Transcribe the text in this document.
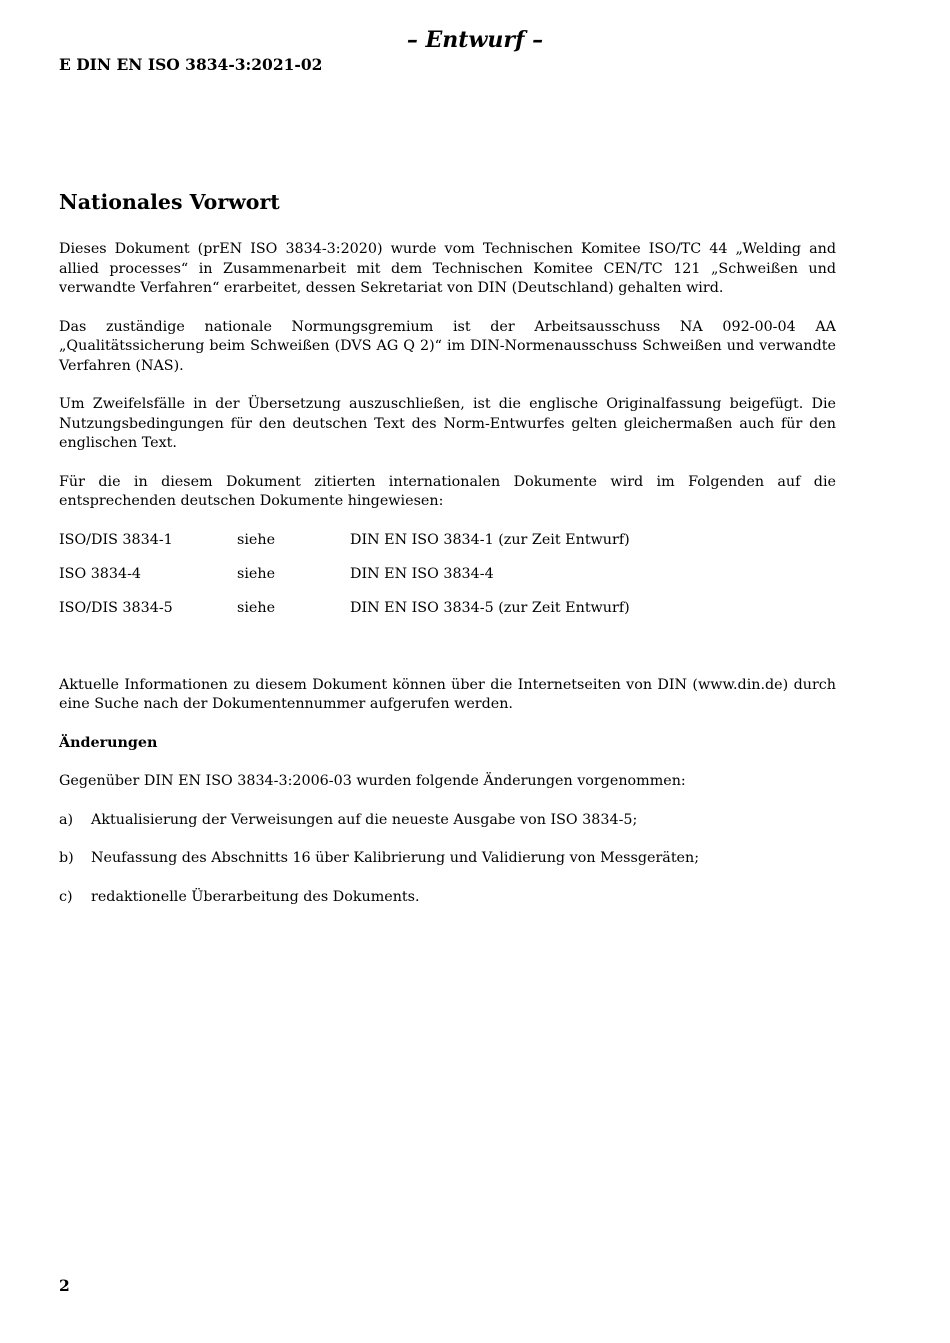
– Entwurf –
E DIN EN ISO 3834-3:2021-02
Nationales Vorwort

Dieses Dokument (prEN ISO 3834-3:2020) wurde vom Technischen Komitee ISO/TC 44 „Welding and allied processes“ in Zusammenarbeit mit dem Technischen Komitee CEN/TC 121 „Schweißen und verwandte Verfahren“ erarbeitet, dessen Sekretariat von DIN (Deutschland) gehalten wird.

Das zuständige nationale Normungsgremium ist der Arbeitsausschuss NA 092-00-04 AA „Qualitätssicherung beim Schweißen (DVS AG Q 2)“ im DIN-Normenausschuss Schweißen und verwandte Verfahren (NAS).

Um Zweifelsfälle in der Übersetzung auszuschließen, ist die englische Originalfassung beigefügt. Die Nutzungsbedingungen für den deutschen Text des Norm-Entwurfes gelten gleichermaßen auch für den englischen Text.

Für die in diesem Dokument zitierten internationalen Dokumente wird im Folgenden auf die entsprechenden deutschen Dokumente hingewiesen:

ISO/DIS 3834-1	siehe	DIN EN ISO 3834-1 (zur Zeit Entwurf)
ISO 3834-4	siehe	DIN EN ISO 3834-4
ISO/DIS 3834-5	siehe	DIN EN ISO 3834-5 (zur Zeit Entwurf)

Aktuelle Informationen zu diesem Dokument können über die Internetseiten von DIN (www.din.de) durch eine Suche nach der Dokumentennummer aufgerufen werden.

Änderungen

Gegenüber DIN EN ISO 3834-3:2006-03 wurden folgende Änderungen vorgenommen:

a)	Aktualisierung der Verweisungen auf die neueste Ausgabe von ISO 3834-5;
b)	Neufassung des Abschnitts 16 über Kalibrierung und Validierung von Messgeräten;
c)	redaktionelle Überarbeitung des Dokuments.
2
